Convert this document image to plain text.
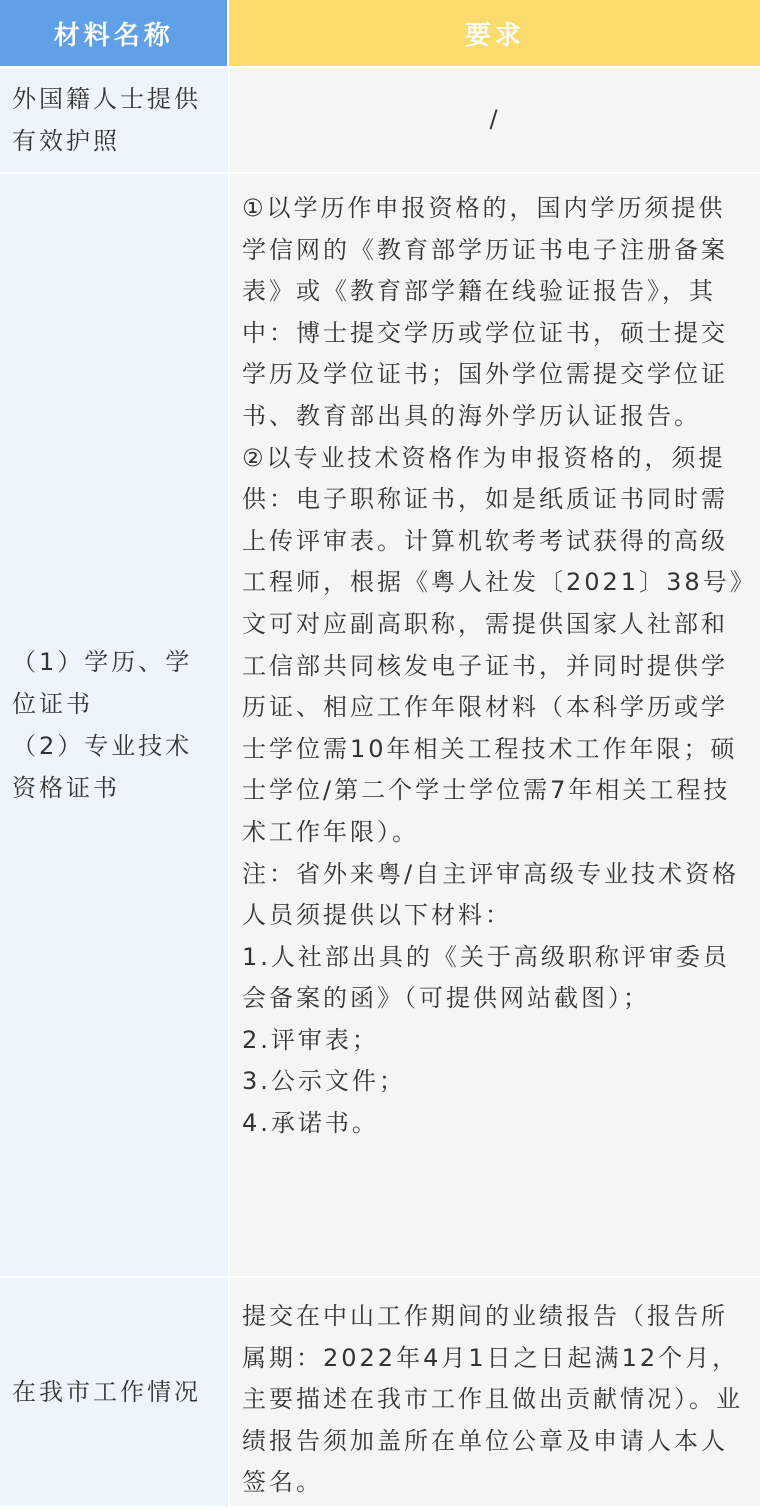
材料名称	要求
外国籍人士提供有效护照

/

（1）学历、学位证书
（2）专业技术资格证书

①以学历作申报资格的，国内学历须提供学信网的《教育部学历证书电子注册备案表》或《教育部学籍在线验证报告》，其中：博士提交学历或学位证书，硕士提交学历及学位证书；国外学位需提交学位证书、教育部出具的海外学历认证报告。

②以专业技术资格作为申报资格的，须提供：电子职称证书，如是纸质证书同时需上传评审表。计算机软考考试获得的高级工程师，根据《粤人社发〔2021〕38号》文可对应副高职称，需提供国家人社部和工信部共同核发电子证书，并同时提供学历证、相应工作年限材料（本科学历或学士学位需10年相关工程技术工作年限；硕士学位/第二个学士学位需7年相关工程技术工作年限）。

注：省外来粤/自主评审高级专业技术资格人员须提供以下材料：

1.人社部出具的《关于高级职称评审委员会备案的函》（可提供网站截图）；

2.评审表；

3.公示文件；

4.承诺书。

在我市工作情况

提交在中山工作期间的业绩报告（报告所属期：2022年4月1日之日起满12个月，主要描述在我市工作且做出贡献情况）。业绩报告须加盖所在单位公章及申请人本人签名。
